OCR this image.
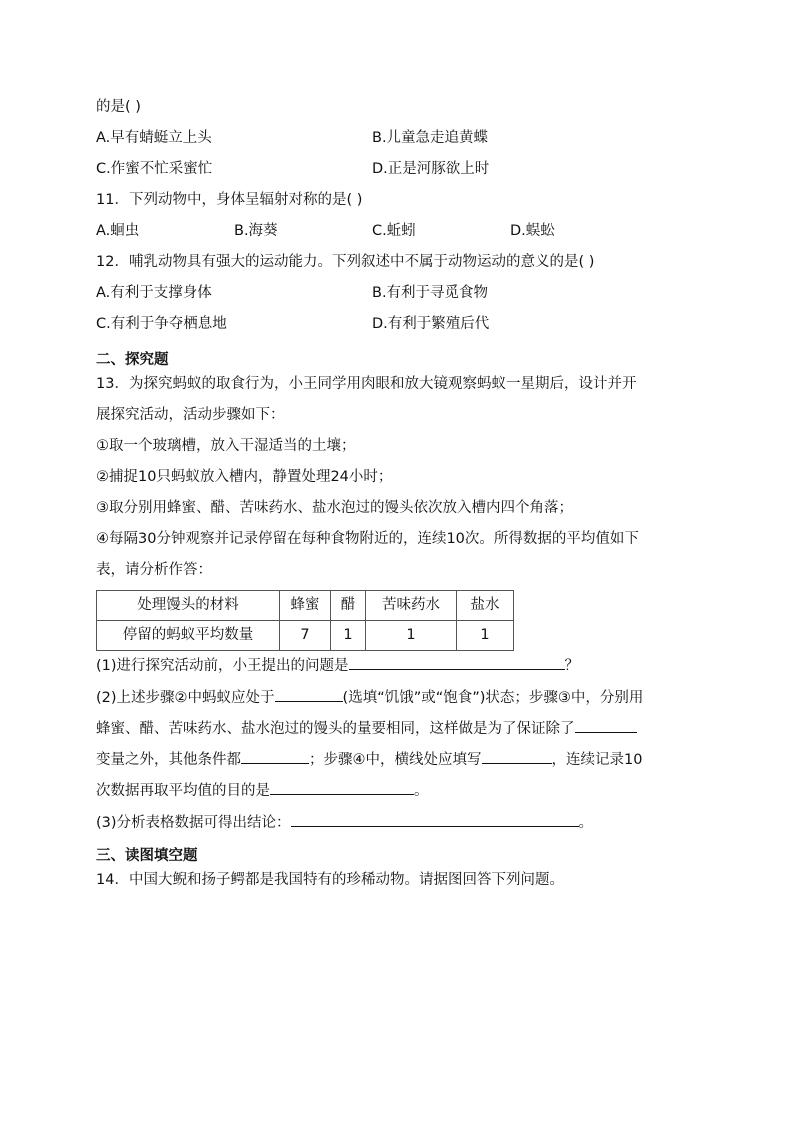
的是( )
A.早有蜻蜓立上头	B.儿童急走追黄蝶
C.作蜜不忙采蜜忙	D.正是河豚欲上时
11．下列动物中，身体呈辐射对称的是( )
A.蛔虫	B.海葵	C.蚯蚓	D.蜈蚣
12．哺乳动物具有强大的运动能力。下列叙述中不属于动物运动的意义的是( )
A.有利于支撑身体	B.有利于寻觅食物
C.有利于争夺栖息地	D.有利于繁殖后代
二、探究题
13．为探究蚂蚁的取食行为，小王同学用肉眼和放大镜观察蚂蚁一星期后，设计并开
展探究活动，活动步骤如下：
①取一个玻璃槽，放入干湿适当的土壤；
②捕捉10只蚂蚁放入槽内，静置处理24小时；
③取分别用蜂蜜、醋、苦味药水、盐水泡过的馒头依次放入槽内四个角落；
④每隔30分钟观察并记录停留在每种食物附近的，连续10次。所得数据的平均值如下
表，请分析作答：
处理馒头的材料	蜂蜜	醋	苦味药水	盐水
停留的蚂蚁平均数量	7	1	1	1
(1)进行探究活动前，小王提出的问题是	？
(2)上述步骤②中蚂蚁应处于	(选填“饥饿”或“饱食”)状态；步骤③中，分别用
蜂蜜、醋、苦味药水、盐水泡过的馒头的量要相同，这样做是为了保证除了
变量之外，其他条件都	；步骤④中，横线处应填写	，连续记录10
次数据再取平均值的目的是	。
(3)分析表格数据可得出结论：	。
三、读图填空题
14．中国大鲵和扬子鳄都是我国特有的珍稀动物。请据图回答下列问题。
